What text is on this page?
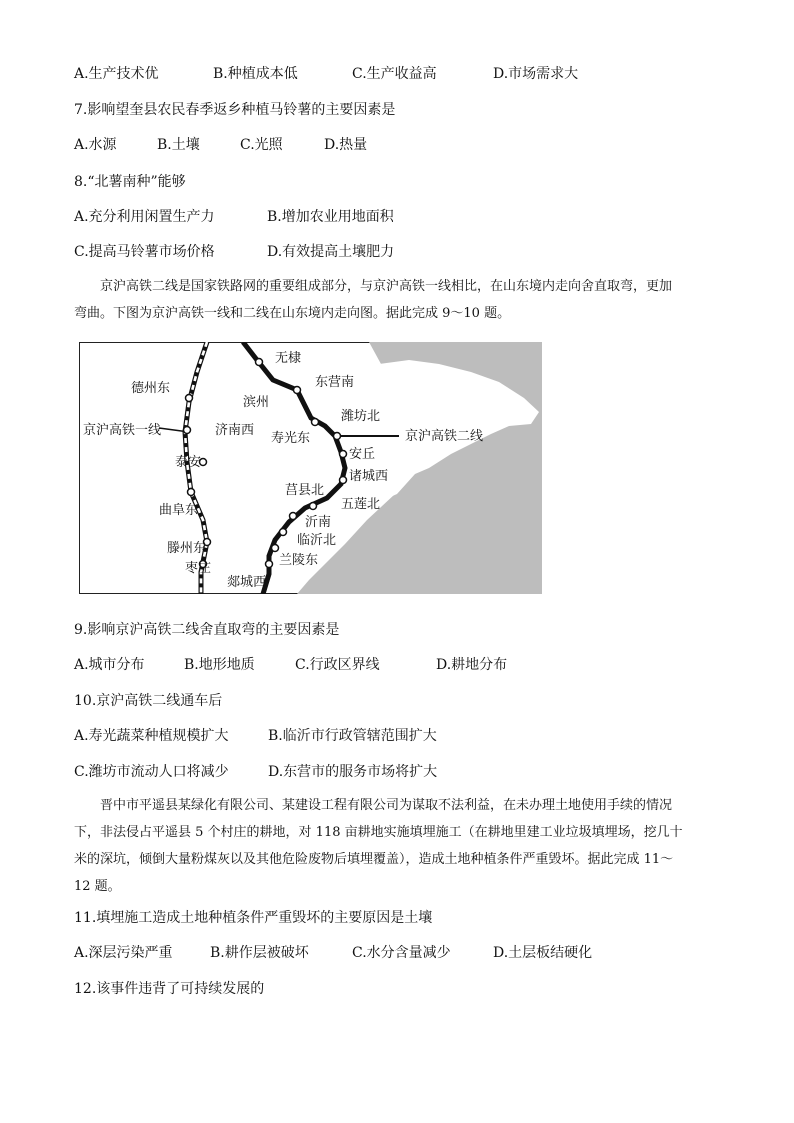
A.生产技术优	B.种植成本低	C.生产收益高	D.市场需求大
7.影响望奎县农民春季返乡种植马铃薯的主要因素是
A.水源	B.土壤	C.光照	D.热量
8.“北薯南种”能够
A.充分利用闲置生产力	B.增加农业用地面积
C.提高马铃薯市场价格	D.有效提高土壤肥力
京沪高铁二线是国家铁路网的重要组成部分，与京沪高铁一线相比，在山东境内走向舍直取弯，更加
弯曲。下图为京沪高铁一线和二线在山东境内走向图。据此完成 9～10 题。
德州东
京沪高铁一线	济南西
泰安
曲阜东
滕州东
枣庄
无棣
东营南
滨州
潍坊北
寿光东	京沪高铁二线
安丘
诸城西
莒县北
五莲北
沂南
临沂北
兰陵东
郯城西
9.影响京沪高铁二线舍直取弯的主要因素是
A.城市分布	B.地形地质	C.行政区界线	D.耕地分布
10.京沪高铁二线通车后
A.寿光蔬菜种植规模扩大	B.临沂市行政管辖范围扩大
C.潍坊市流动人口将减少	D.东营市的服务市场将扩大
晋中市平遥县某绿化有限公司、某建设工程有限公司为谋取不法利益，在未办理土地使用手续的情况
下，非法侵占平遥县 5 个村庄的耕地，对 118 亩耕地实施填埋施工（在耕地里建工业垃圾填埋场，挖几十
米的深坑，倾倒大量粉煤灰以及其他危险废物后填埋覆盖），造成土地种植条件严重毁坏。据此完成 11～
12 题。
11.填埋施工造成土地种植条件严重毁坏的主要原因是土壤
A.深层污染严重	B.耕作层被破坏	C.水分含量减少	D.土层板结硬化
12.该事件违背了可持续发展的
